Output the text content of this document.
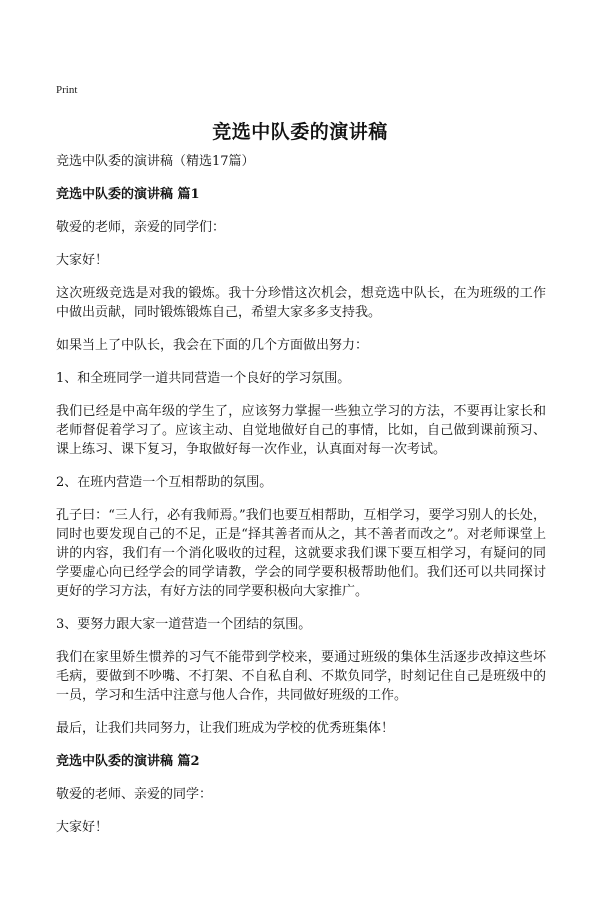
Print
竞选中队委的演讲稿

竞选中队委的演讲稿（精选17篇）

竞选中队委的演讲稿 篇1

敬爱的老师，亲爱的同学们：

大家好！

这次班级竞选是对我的锻炼。我十分珍惜这次机会，想竞选中队长，在为班级的工作中做出贡献，同时锻炼锻炼自己，希望大家多多支持我。

如果当上了中队长，我会在下面的几个方面做出努力：

1、和全班同学一道共同营造一个良好的学习氛围。

我们已经是中高年级的学生了，应该努力掌握一些独立学习的方法，不要再让家长和老师督促着学习了。应该主动、自觉地做好自己的事情，比如，自己做到课前预习、课上练习、课下复习，争取做好每一次作业，认真面对每一次考试。

2、在班内营造一个互相帮助的氛围。

孔子曰：“三人行，必有我师焉。”我们也要互相帮助，互相学习，要学习别人的长处，同时也要发现自己的不足，正是“择其善者而从之，其不善者而改之”。对老师课堂上讲的内容，我们有一个消化吸收的过程，这就要求我们课下要互相学习，有疑问的同学要虚心向已经学会的同学请教，学会的同学要积极帮助他们。我们还可以共同探讨更好的学习方法，有好方法的同学要积极向大家推广。

3、要努力跟大家一道营造一个团结的氛围。

我们在家里娇生惯养的习气不能带到学校来，要通过班级的集体生活逐步改掉这些坏毛病，要做到不吵嘴、不打架、不自私自利、不欺负同学，时刻记住自己是班级中的一员，学习和生活中注意与他人合作，共同做好班级的工作。

最后，让我们共同努力，让我们班成为学校的优秀班集体！

竞选中队委的演讲稿 篇2

敬爱的老师、亲爱的同学：

大家好！
